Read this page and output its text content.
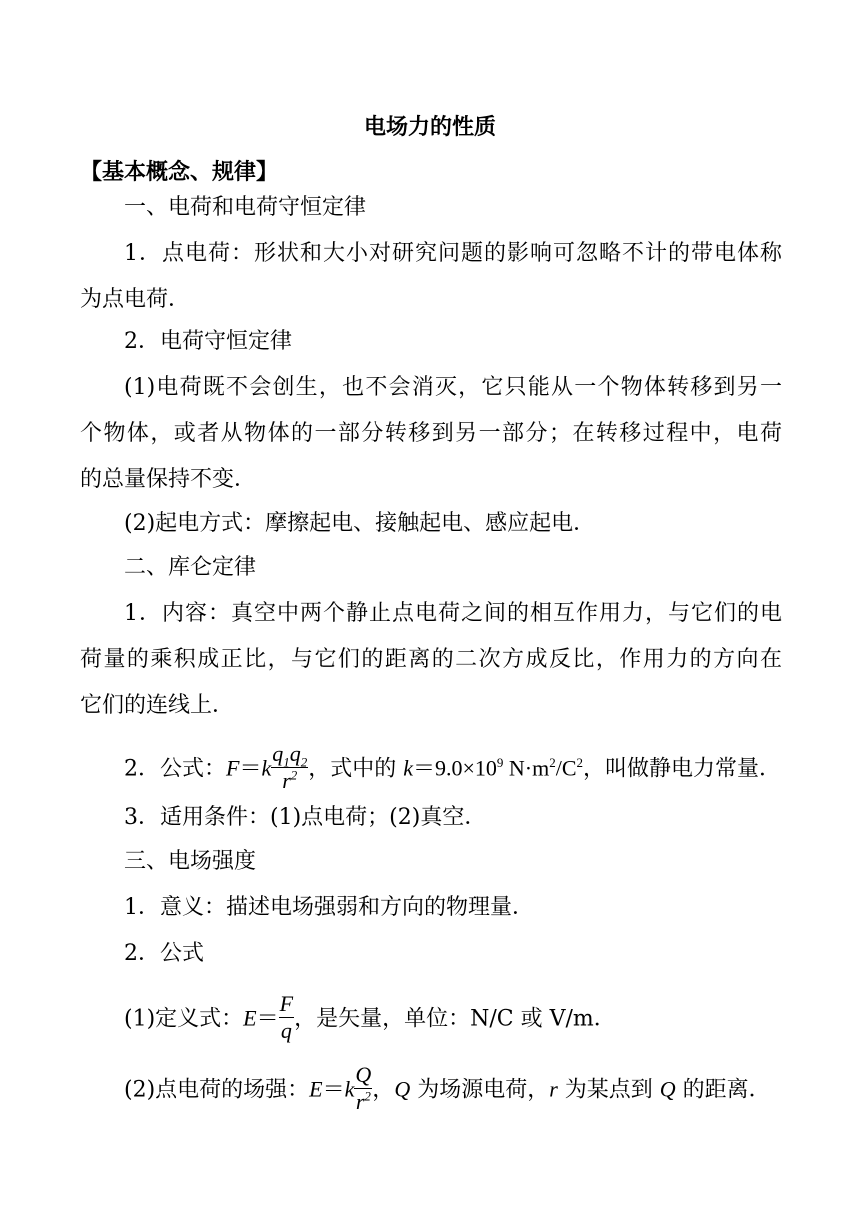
电场力的性质
【基本概念、规律】
一、电荷和电荷守恒定律
1．点电荷：形状和大小对研究问题的影响可忽略不计的带电体称
为点电荷．
2．电荷守恒定律
(1)电荷既不会创生，也不会消灭，它只能从一个物体转移到另一
个物体，或者从物体的一部分转移到另一部分；在转移过程中，电荷
的总量保持不变．
(2)起电方式：摩擦起电、接触起电、感应起电．
二、库仑定律
1．内容：真空中两个静止点电荷之间的相互作用力，与它们的电
荷量的乘积成正比，与它们的距离的二次方成反比，作用力的方向在
它们的连线上．
2．公式：$F=k \frac{q_1q_2}{r^2}$ ，式中的 $k=9.0\times 10^9$ $N\cdot m^2/C^2$，叫做静电力常量．
3．适用条件：(1)点电荷；(2)真空．
三、电场强度
1．意义：描述电场强弱和方向的物理量．
2．公式
(1)定义式：$E= \frac{F}{q}$ ，是矢量，单位：N/C 或 V/m．
(2)点电荷的场强：$E=k \frac{Q}{r^2}$ ，Q 为场源电荷，r 为某点到 Q 的距离．
